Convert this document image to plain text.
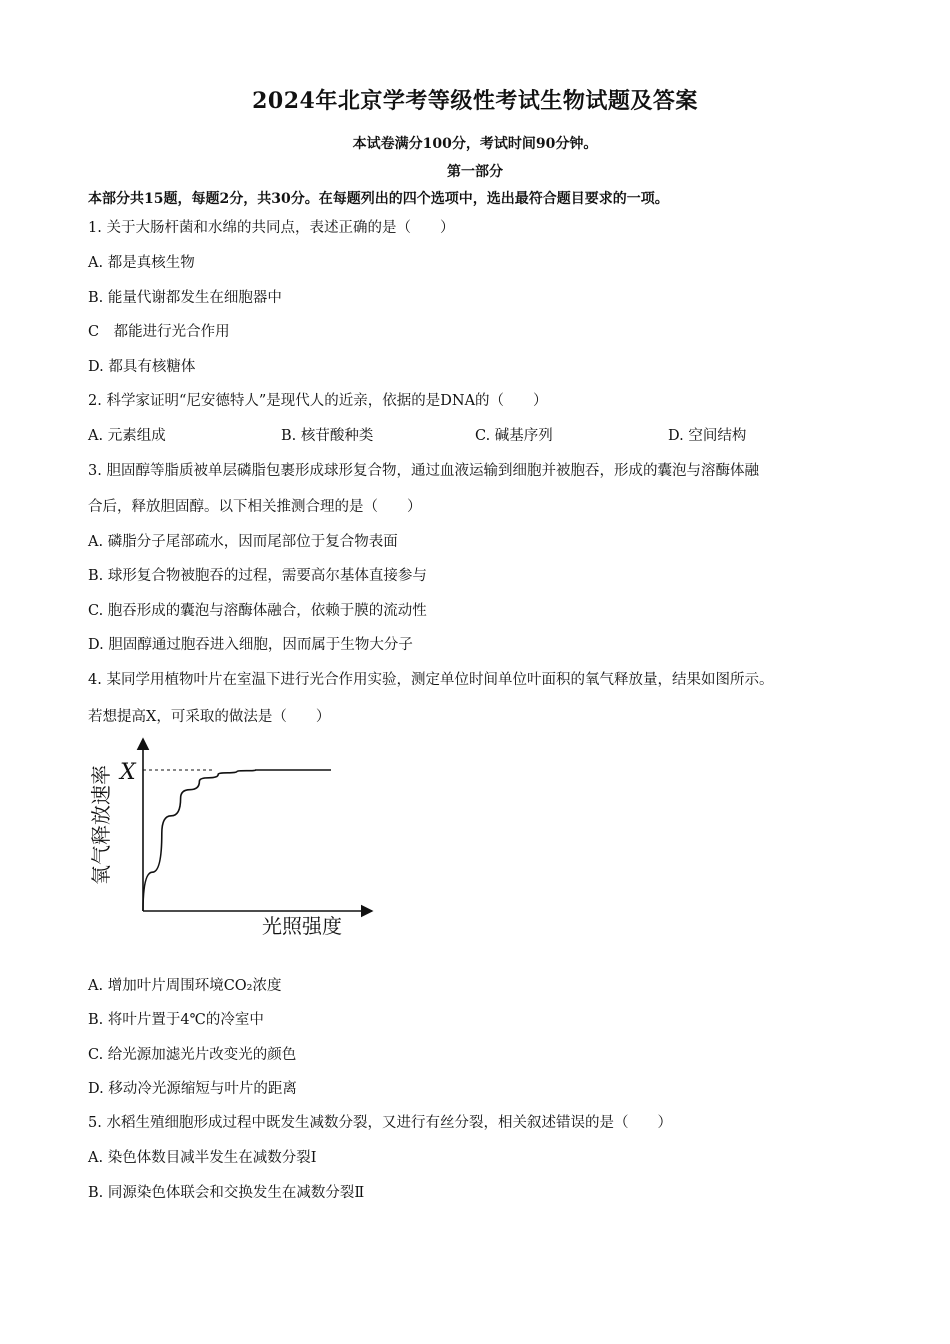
2024年北京学考等级性考试生物试题及答案
本试卷满分100分，考试时间90分钟。
第一部分
本部分共15题，每题2分，共30分。在每题列出的四个选项中，选出最符合题目要求的一项。
1. 关于大肠杆菌和水绵的共同点，表述正确的是（　　）
A. 都是真核生物
B. 能量代谢都发生在细胞器中
C　都能进行光合作用
D. 都具有核糖体
2. 科学家证明“尼安德特人”是现代人的近亲，依据的是DNA的（　　）
A. 元素组成	B. 核苷酸种类	C. 碱基序列	D. 空间结构
3. 胆固醇等脂质被单层磷脂包裹形成球形复合物，通过血液运输到细胞并被胞吞，形成的囊泡与溶酶体融
合后，释放胆固醇。以下相关推测合理的是（　　）
A. 磷脂分子尾部疏水，因而尾部位于复合物表面
B. 球形复合物被胞吞的过程，需要高尔基体直接参与
C. 胞吞形成的囊泡与溶酶体融合，依赖于膜的流动性
D. 胆固醇通过胞吞进入细胞，因而属于生物大分子
4. 某同学用植物叶片在室温下进行光合作用实验，测定单位时间单位叶面积的氧气释放量，结果如图所示。
若想提高X，可采取的做法是（　　）
X
氧气释放速率
光照强度
A. 增加叶片周围环境CO₂浓度
B. 将叶片置于4℃的冷室中
C. 给光源加滤光片改变光的颜色
D. 移动冷光源缩短与叶片的距离
5. 水稻生殖细胞形成过程中既发生减数分裂，又进行有丝分裂，相关叙述错误的是（　　）
A. 染色体数目减半发生在减数分裂Ⅰ
B. 同源染色体联会和交换发生在减数分裂Ⅱ
